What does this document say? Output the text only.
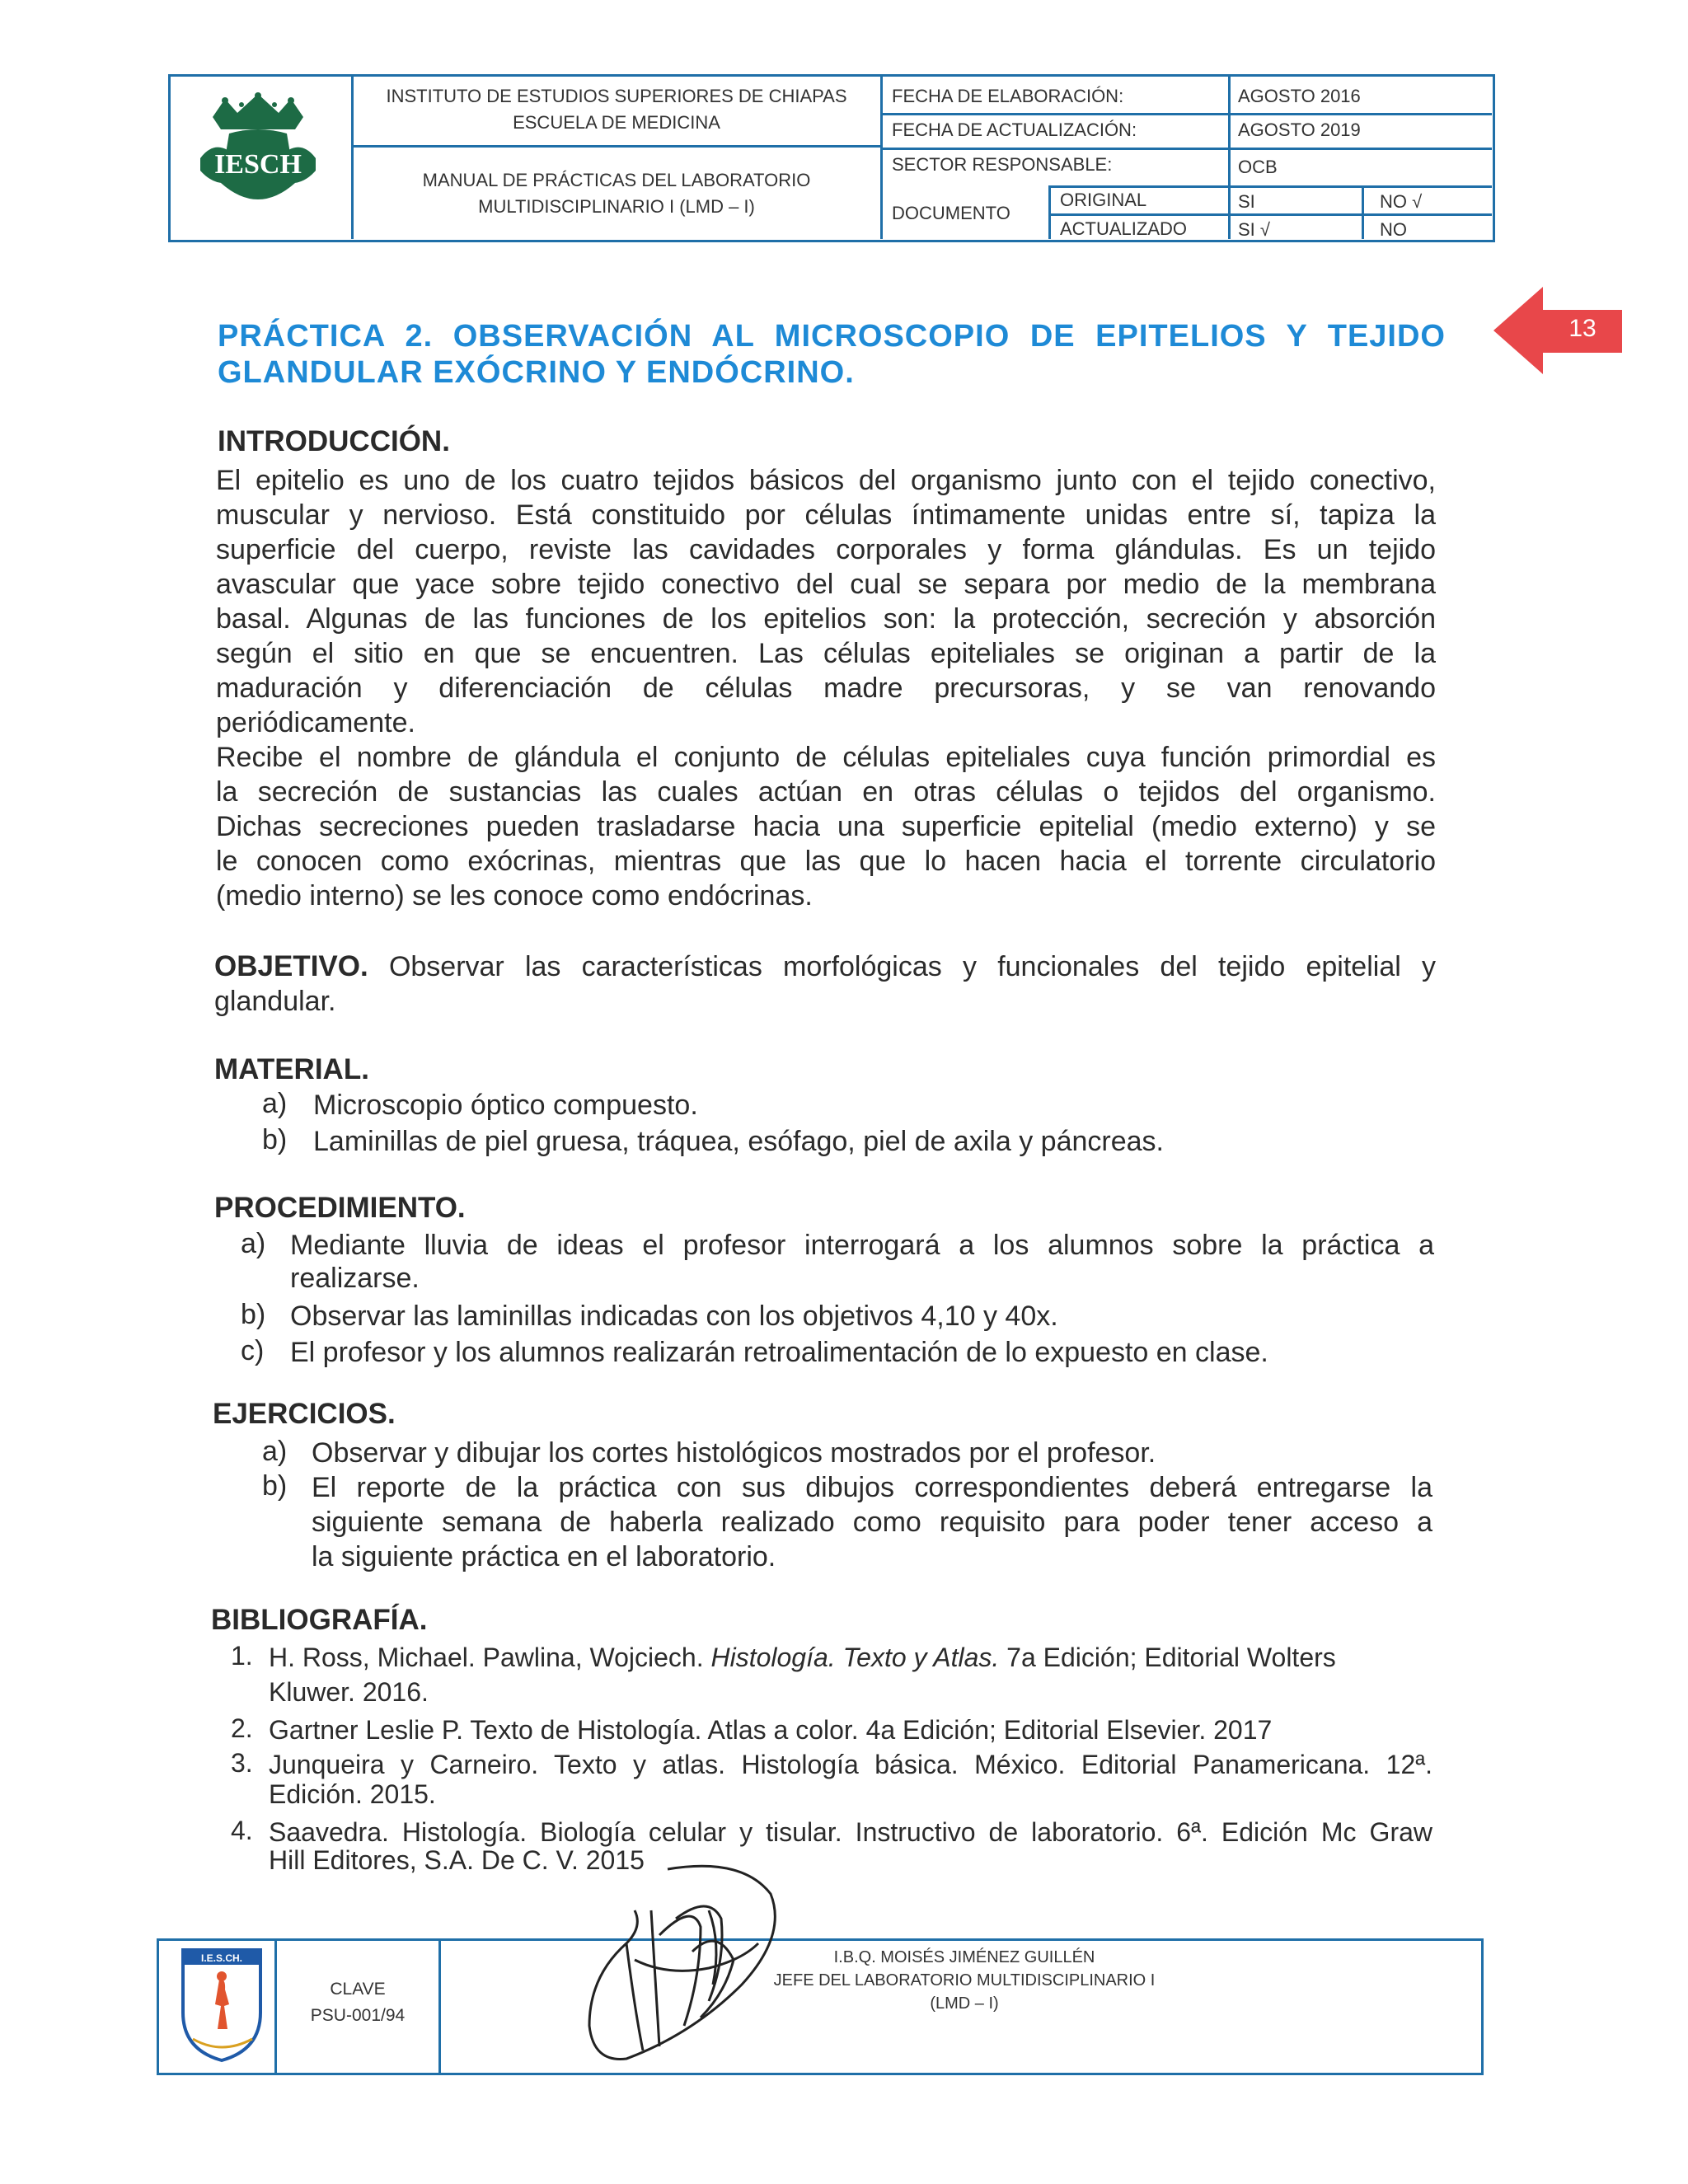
IESCH
INSTITUTO DE ESTUDIOS SUPERIORES DE CHIAPAS
ESCUELA DE MEDICINA
MANUAL DE PRÁCTICAS DEL LABORATORIO
MULTIDISCIPLINARIO I (LMD – I)
FECHA DE ELABORACIÓN:	AGOSTO 2016
FECHA DE ACTUALIZACIÓN:	AGOSTO 2019
SECTOR RESPONSABLE:	OCB
DOCUMENTO
ORIGINAL	SI	NO √
ACTUALIZADO	SI √	NO
13
PRÁCTICA 2. OBSERVACIÓN AL MICROSCOPIO DE EPITELIOS Y TEJIDO
GLANDULAR EXÓCRINO Y ENDÓCRINO.
INTRODUCCIÓN.
El epitelio es uno de los cuatro tejidos básicos del organismo junto con el tejido conectivo,
muscular y nervioso. Está constituido por células íntimamente unidas entre sí, tapiza la
superficie del cuerpo, reviste las cavidades corporales y forma glándulas. Es un tejido
avascular que yace sobre tejido conectivo del cual se separa por medio de la membrana
basal. Algunas de las funciones de los epitelios son: la protección, secreción y absorción
según el sitio en que se encuentren. Las células epiteliales se originan a partir de la
maduración y diferenciación de células madre precursoras, y se van renovando
periódicamente.
Recibe el nombre de glándula el conjunto de células epiteliales cuya función primordial es
la secreción de sustancias las cuales actúan en otras células o tejidos del organismo.
Dichas secreciones pueden trasladarse hacia una superficie epitelial (medio externo) y se
le conocen como exócrinas, mientras que las que lo hacen hacia el torrente circulatorio
(medio interno) se les conoce como endócrinas.
OBJETIVO. Observar las características morfológicas y funcionales del tejido epitelial y
glandular.
MATERIAL.
a) Microscopio óptico compuesto.
b) Laminillas de piel gruesa, tráquea, esófago, piel de axila y páncreas.
PROCEDIMIENTO.
a) Mediante lluvia de ideas el profesor interrogará a los alumnos sobre la práctica a
realizarse.
b) Observar las laminillas indicadas con los objetivos 4,10 y 40x.
c) El profesor y los alumnos realizarán retroalimentación de lo expuesto en clase.
EJERCICIOS.
a) Observar y dibujar los cortes histológicos mostrados por el profesor.
b) El reporte de la práctica con sus dibujos correspondientes deberá entregarse la
siguiente semana de haberla realizado como requisito para poder tener acceso a
la siguiente práctica en el laboratorio.
BIBLIOGRAFÍA.
1. H. Ross, Michael. Pawlina, Wojciech. Histología. Texto y Atlas. 7a Edición; Editorial Wolters
Kluwer. 2016.
2. Gartner Leslie P. Texto de Histología. Atlas a color. 4a Edición; Editorial Elsevier. 2017
3. Junqueira y Carneiro. Texto y atlas. Histología básica. México. Editorial Panamericana. 12ª.
Edición. 2015.
4. Saavedra. Histología. Biología celular y tisular. Instructivo de laboratorio. 6ª. Edición Mc Graw
Hill Editores, S.A. De C. V. 2015
I.E.S.CH.
CLAVE
PSU-001/94
I.B.Q. MOISÉS JIMÉNEZ GUILLÉN
JEFE DEL LABORATORIO MULTIDISCIPLINARIO I
(LMD – I)
